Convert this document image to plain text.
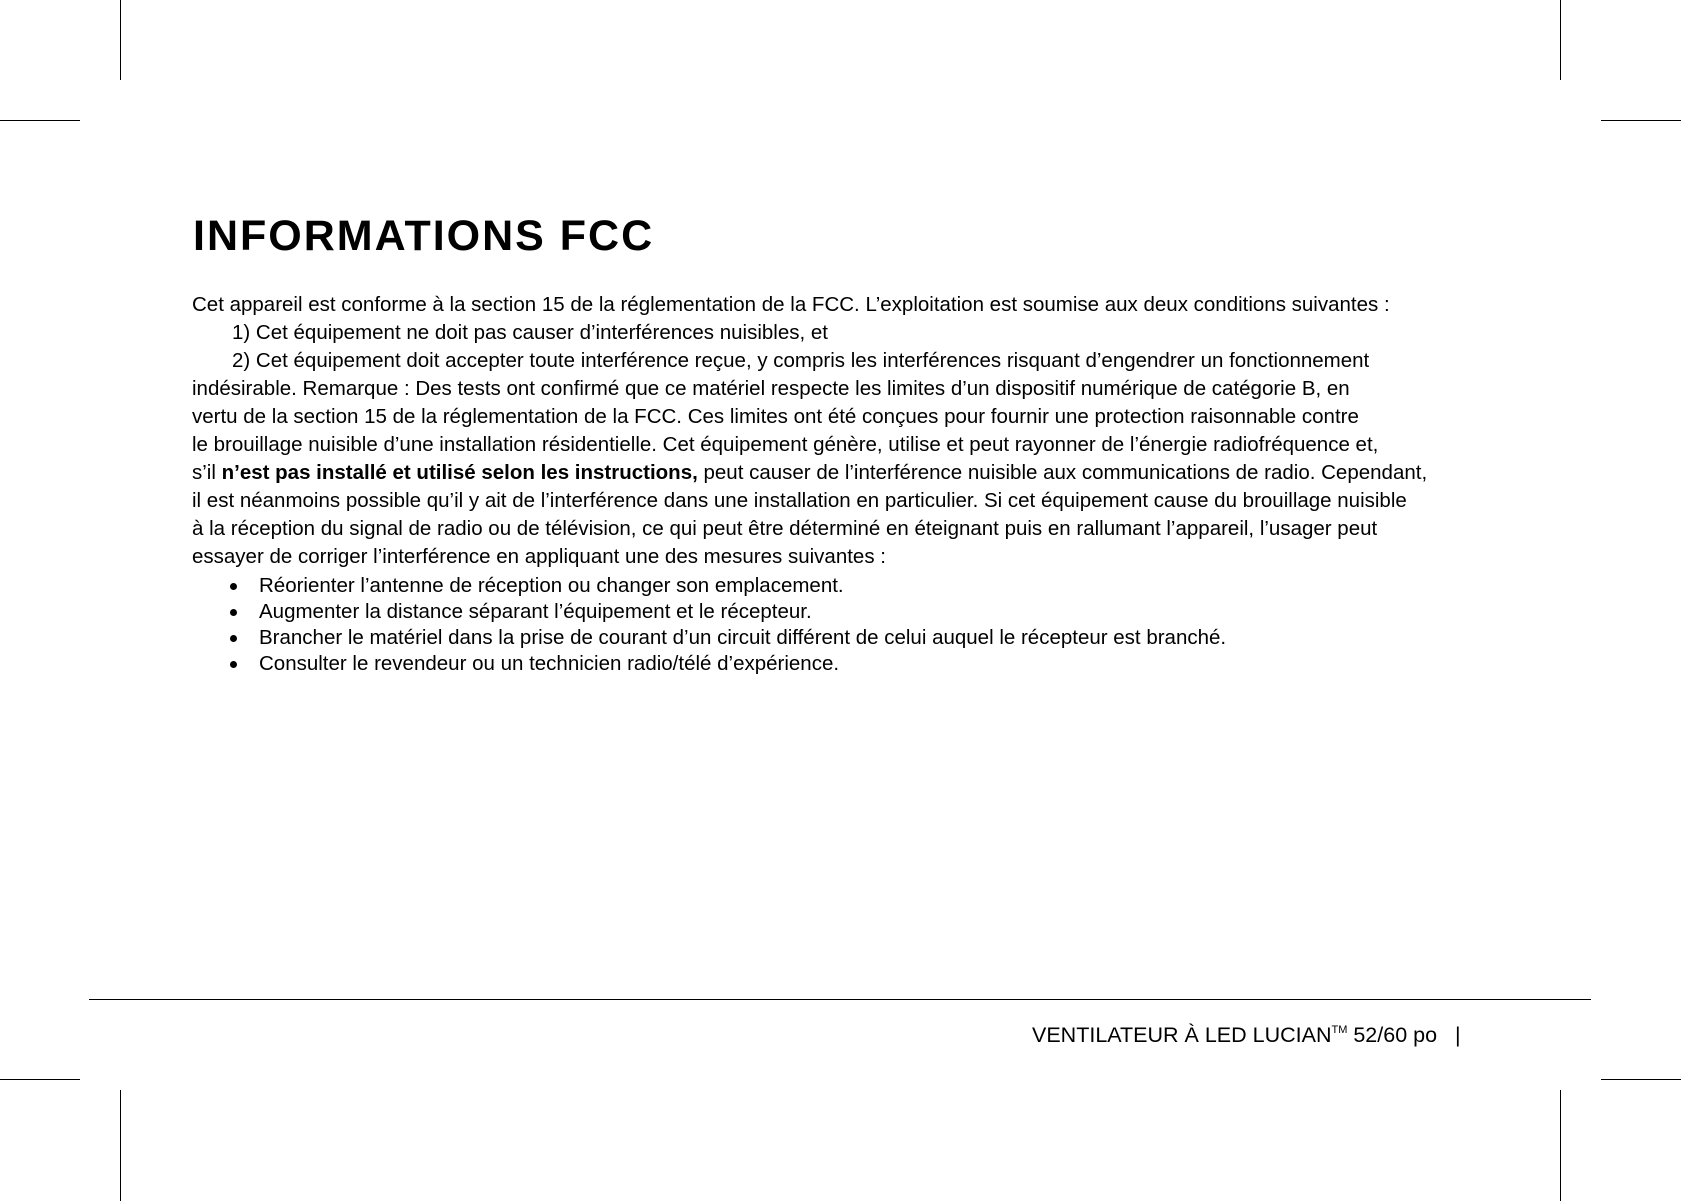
INFORMATIONS FCC

Cet appareil est conforme à la section 15 de la réglementation de la FCC. L’exploitation est soumise aux deux conditions suivantes :

1) Cet équipement ne doit pas causer d’interférences nuisibles, et

2) Cet équipement doit accepter toute interférence reçue, y compris les interférences risquant d’engendrer un fonctionnement

indésirable. Remarque : Des tests ont confirmé que ce matériel respecte les limites d’un dispositif numérique de catégorie B, en

vertu de la section 15 de la réglementation de la FCC. Ces limites ont été conçues pour fournir une protection raisonnable contre

le brouillage nuisible d’une installation résidentielle. Cet équipement génère, utilise et peut rayonner de l’énergie radiofréquence et,

s’il n’est pas installé et utilisé selon les instructions, peut causer de l’interférence nuisible aux communications de radio. Cependant,

il est néanmoins possible qu’il y ait de l’interférence dans une installation en particulier. Si cet équipement cause du brouillage nuisible

à la réception du signal de radio ou de télévision, ce qui peut être déterminé en éteignant puis en rallumant l’appareil, l’usager peut

essayer de corriger l’interférence en appliquant une des mesures suivantes :

Réorienter l’antenne de réception ou changer son emplacement.
Augmenter la distance séparant l’équipement et le récepteur.
Brancher le matériel dans la prise de courant d’un circuit différent de celui auquel le récepteur est branché.
Consulter le revendeur ou un technicien radio/télé d’expérience.
VENTILATEUR À LED LUCIAN™ 52/60 po |
